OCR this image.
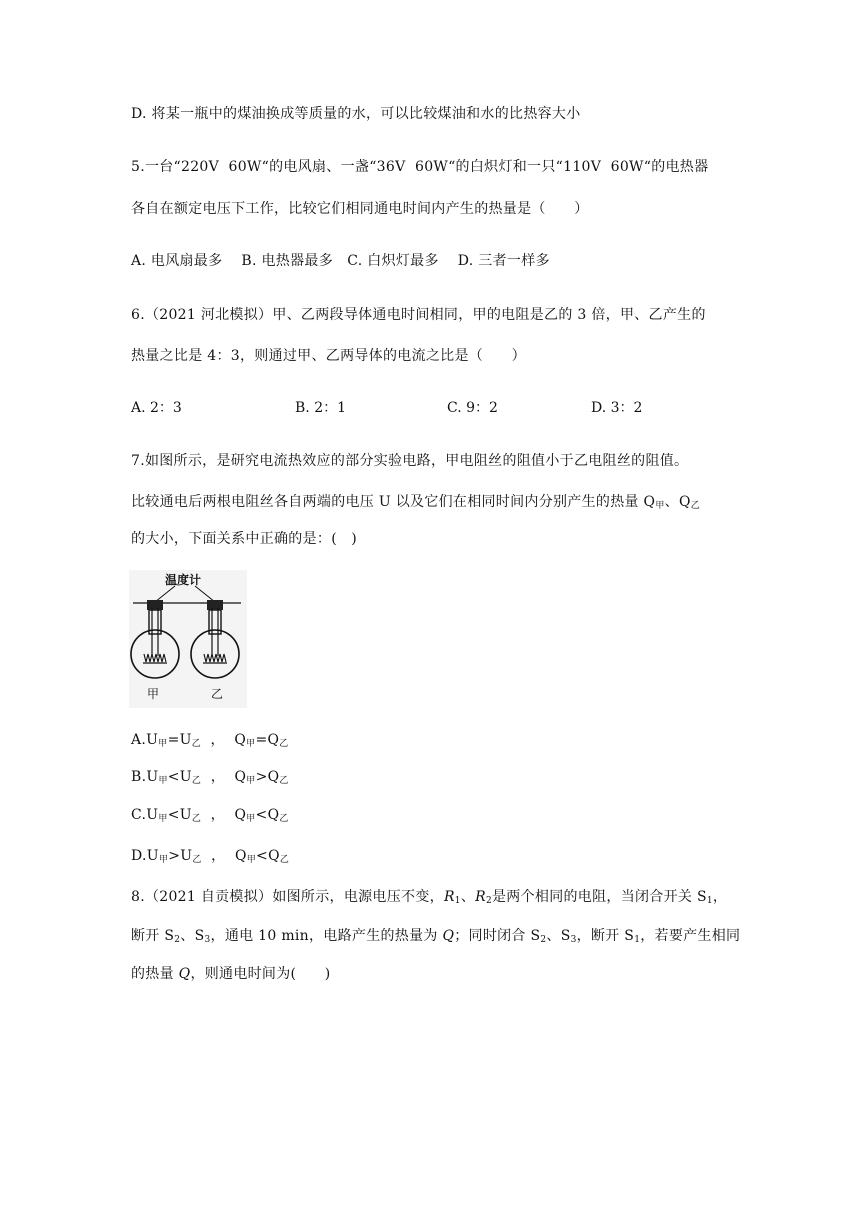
D. 将某一瓶中的煤油换成等质量的水，可以比较煤油和水的比热容大小
5.一台“220V  60W“的电风扇、一盏“36V  60W“的白炽灯和一只“110V  60W“的电热器
各自在额定电压下工作，比较它们相同通电时间内产生的热量是（      ）
A. 电风扇最多    B. 电热器最多   C. 白炽灯最多    D. 三者一样多
6.（2021 河北模拟）甲、乙两段导体通电时间相同，甲的电阻是乙的 3 倍，甲、乙产生的
热量之比是 4：3，则通过甲、乙两导体的电流之比是（      ）
A. 2：3	B. 2：1	C. 9：2	D. 3：2
7.如图所示，是研究电流热效应的部分实验电路，甲电阻丝的阻值小于乙电阻丝的阻值。
比较通电后两根电阻丝各自两端的电压 U 以及它们在相同时间内分别产生的热量 $Q_甲$、$Q_乙$
的大小，下面关系中正确的是：(   )
温度计
甲	乙
$A.U_甲=U_乙$  ，  $Q_甲=Q_乙$
$B.U_甲<U_乙$  ，  $Q_甲>Q_乙$
$C.U_甲<U_乙$  ，  $Q_甲<Q_乙$
$D.U_甲>U_乙$  ，  $Q_甲<Q_乙$
8.（2021 自贡模拟）如图所示，电源电压不变，$R_1$、$R_2$是两个相同的电阻，当闭合开关 $S_1$，
断开 $S_2$、$S_3$，通电 10 min，电路产生的热量为 Q；同时闭合 $S_2$、$S_3$，断开 $S_1$，若要产生相同
的热量 Q，则通电时间为(      )
